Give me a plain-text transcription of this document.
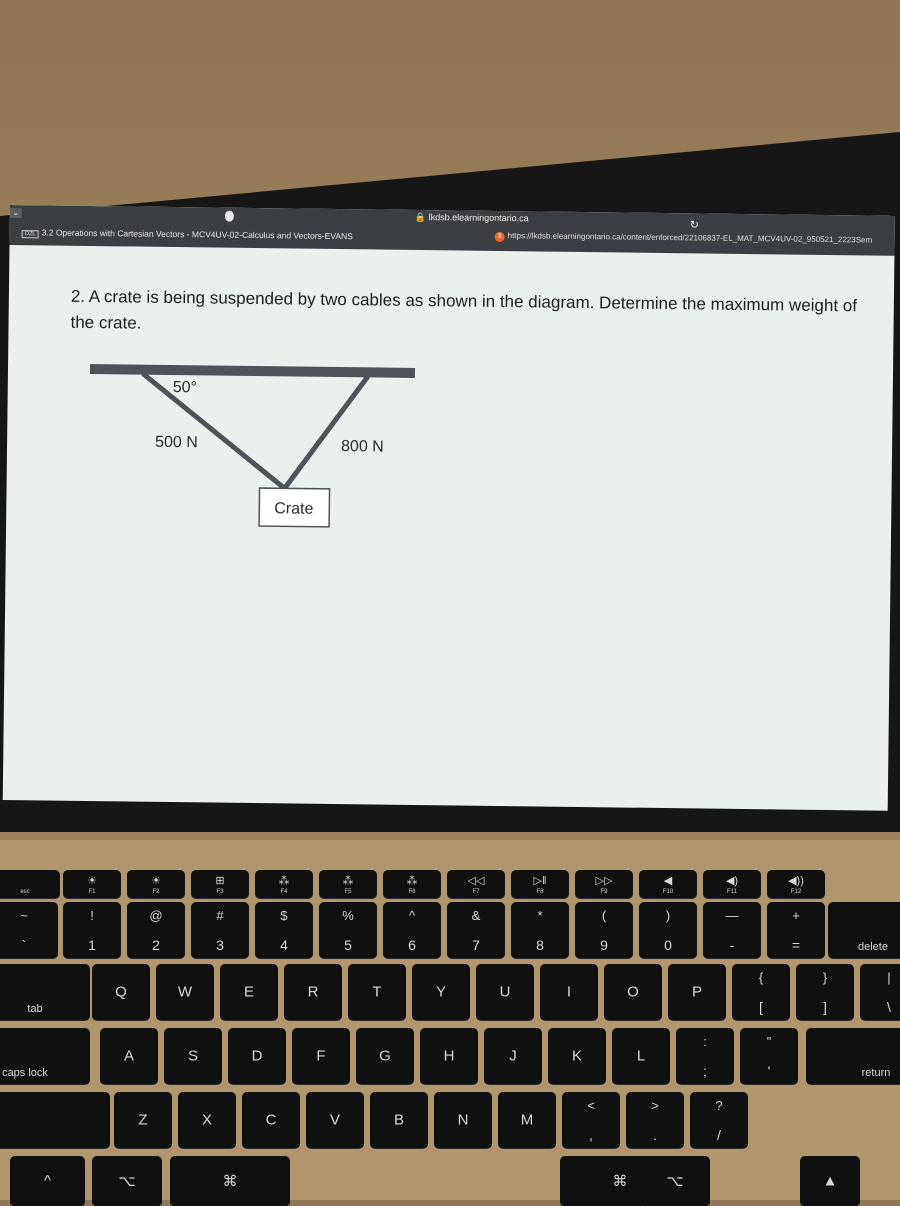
⌄	🔒 lkdsb.elearningontario.ca
↻
D2L 3.2 Operations with Cartesian Vectors - MCV4UV-02-Calculus and Vectors-EVANS	3 https://lkdsb.elearningontario.ca/content/enforced/22106837-EL_MAT_MCV4UV-02_950521_2223Sem
2. A crate is being suspended by two cables as shown in the diagram. Determine the maximum weight of the crate.
50°
500 N	800 N
Crate
esc
☀
F1
☀
F2
⊞
F3
⁂
F4
⁂
F5
⁂
F6
◁◁
F7
▷‖
F8
▷▷
F9
◀
F10
◀)
F11
◀))
F12
~
`
!
1
@
2
#
3
$
4
%
5
^
6
&
7
*
8
(
9
)
0
—
-
+
=	delete
tab
Q	W	E	R	T	Y	U	I	O	P
{
[
}
]
|
\
caps lock
A	S	D	F	G	H	J	K	L
:
;
"
'	return
Z	X	C	V	B	N	M
<
,
>
.
?
/
^	⌥	⌘	⌘	⌥	▲
